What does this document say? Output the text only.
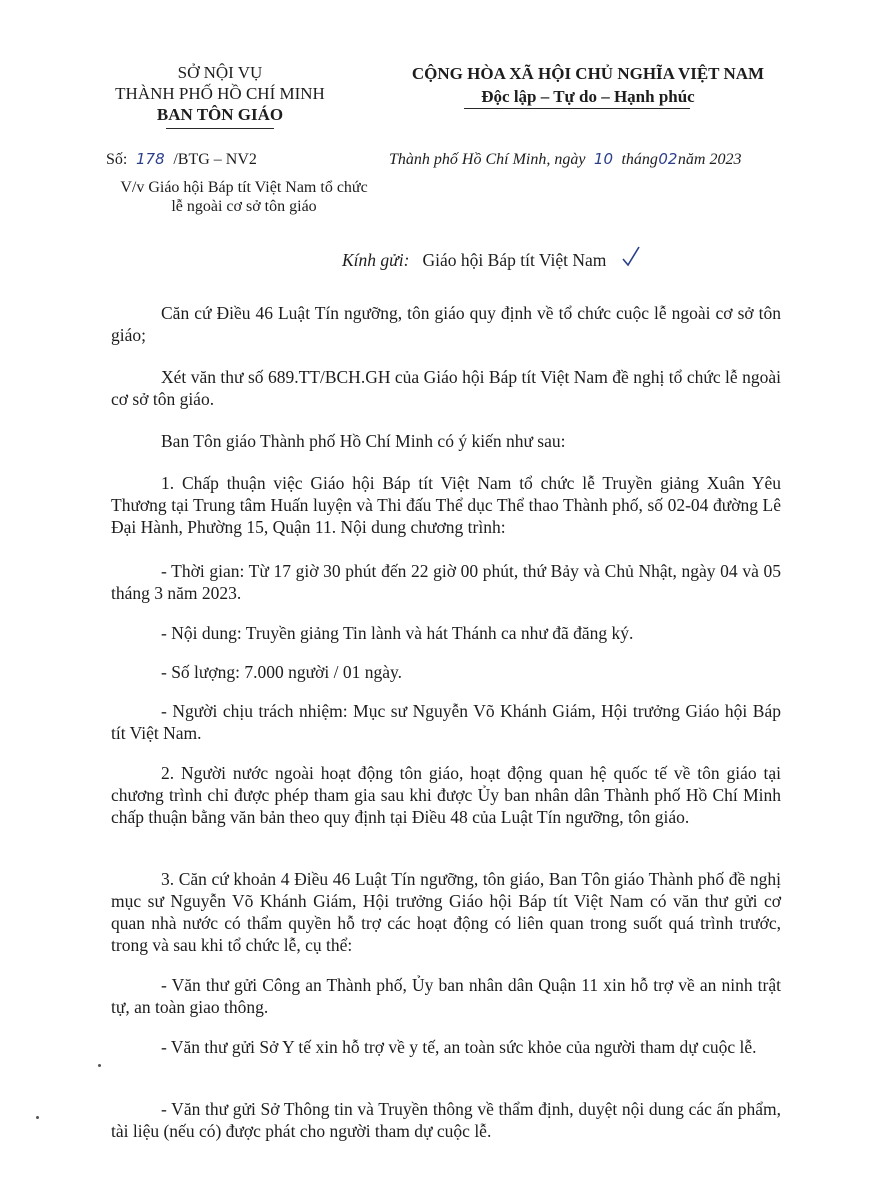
SỞ NỘI VỤ
THÀNH PHỐ HỒ CHÍ MINH
BAN TÔN GIÁO
CỘNG HÒA XÃ HỘI CHỦ NGHĨA VIỆT NAM
Độc lập – Tự do – Hạnh phúc
Số: 178 /BTG – NV2
V/v Giáo hội Báp tít Việt Nam tổ chức
lễ ngoài cơ sở tôn giáo
Thành phố Hồ Chí Minh, ngày 10 tháng02năm 2023
Kính gửi: Giáo hội Báp tít Việt Nam

Căn cứ Điều 46 Luật Tín ngưỡng, tôn giáo quy định về tổ chức cuộc lễ ngoài cơ sở tôn giáo;

Xét văn thư số 689.TT/BCH.GH của Giáo hội Báp tít Việt Nam đề nghị tổ chức lễ ngoài cơ sở tôn giáo.

Ban Tôn giáo Thành phố Hồ Chí Minh có ý kiến như sau:

1. Chấp thuận việc Giáo hội Báp tít Việt Nam tổ chức lễ Truyền giảng Xuân Yêu Thương tại Trung tâm Huấn luyện và Thi đấu Thể dục Thể thao Thành phố, số 02-04 đường Lê Đại Hành, Phường 15, Quận 11. Nội dung chương trình:

- Thời gian: Từ 17 giờ 30 phút đến 22 giờ 00 phút, thứ Bảy và Chủ Nhật, ngày 04 và 05 tháng 3 năm 2023.

- Nội dung: Truyền giảng Tin lành và hát Thánh ca như đã đăng ký.

- Số lượng: 7.000 người / 01 ngày.

- Người chịu trách nhiệm: Mục sư Nguyễn Võ Khánh Giám, Hội trưởng Giáo hội Báp tít Việt Nam.

2. Người nước ngoài hoạt động tôn giáo, hoạt động quan hệ quốc tế về tôn giáo tại chương trình chỉ được phép tham gia sau khi được Ủy ban nhân dân Thành phố Hồ Chí Minh chấp thuận bằng văn bản theo quy định tại Điều 48 của Luật Tín ngưỡng, tôn giáo.

3. Căn cứ khoản 4 Điều 46 Luật Tín ngưỡng, tôn giáo, Ban Tôn giáo Thành phố đề nghị mục sư Nguyễn Võ Khánh Giám, Hội trưởng Giáo hội Báp tít Việt Nam có văn thư gửi cơ quan nhà nước có thẩm quyền hỗ trợ các hoạt động có liên quan trong suốt quá trình trước, trong và sau khi tổ chức lễ, cụ thể:

- Văn thư gửi Công an Thành phố, Ủy ban nhân dân Quận 11 xin hỗ trợ về an ninh trật tự, an toàn giao thông.

- Văn thư gửi Sở Y tế xin hỗ trợ về y tế, an toàn sức khỏe của người tham dự cuộc lễ.

- Văn thư gửi Sở Thông tin và Truyền thông về thẩm định, duyệt nội dung các ấn phẩm, tài liệu (nếu có) được phát cho người tham dự cuộc lễ.
